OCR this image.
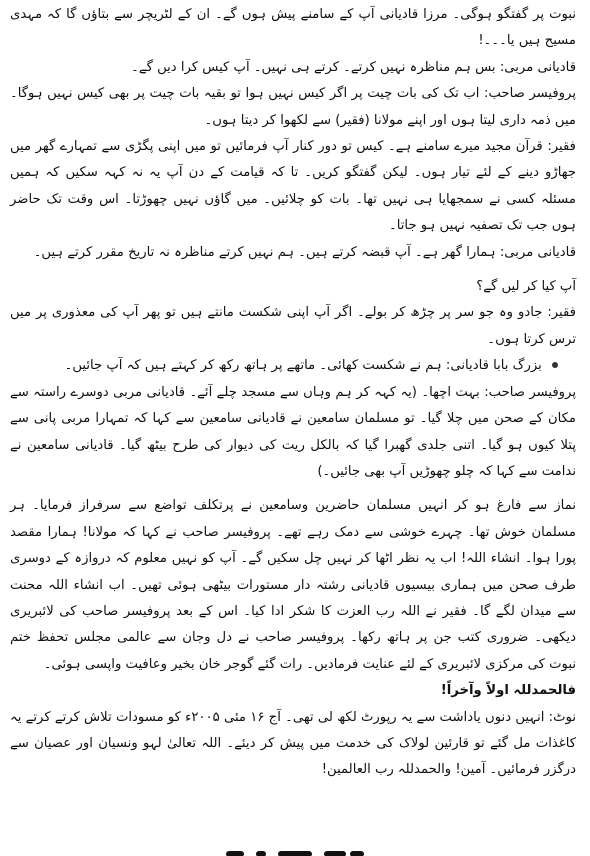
نبوت پر گفتگو ہوگی۔ مرزا قادیانی آپ کے سامنے پیش ہوں گے۔ ان کے لٹریچر سے بتاؤں گا کہ مہدی مسیح ہیں یا۔۔۔!

قادیانی مربی: بس ہم مناظرہ نہیں کرتے۔ کرتے ہی نہیں۔ آپ کیس کرا دیں گے۔

پروفیسر صاحب: اب تک کی بات چیت پر اگر کیس نہیں ہوا تو بقیہ بات چیت پر بھی کیس نہیں ہوگا۔ میں ذمہ داری لیتا ہوں اور اپنے مولانا (فقیر) سے لکھوا کر دیتا ہوں۔

فقیر: قرآن مجید میرے سامنے ہے۔ کیس تو دور کنار آپ فرمائیں تو میں اپنی پگڑی سے تمہارے گھر میں جھاڑو دینے کے لئے تیار ہوں۔ لیکن گفتگو کریں۔ تا کہ قیامت کے دن آپ یہ نہ کہہ سکیں کہ ہمیں مسئلہ کسی نے سمجھایا ہی نہیں تھا۔ بات کو چلائیں۔ میں گاؤں نہیں چھوڑتا۔ اس وقت تک حاضر ہوں جب تک تصفیہ نہیں ہو جاتا۔

قادیانی مربی: ہمارا گھر ہے۔ آپ قبضہ کرتے ہیں۔ ہم نہیں کرتے مناظرہ نہ تاریخ مقرر کرتے ہیں۔

آپ کیا کر لیں گے؟

فقیر: جادو وہ جو سر پر چڑھ کر بولے۔ اگر آپ اپنی شکست مانتے ہیں تو پھر آپ کی معذوری پر میں ترس کرتا ہوں۔

بزرگ بابا قادیانی: ہم نے شکست کھائی۔ ماتھے پر ہاتھ رکھ کر کہتے ہیں کہ آپ جائیں۔

پروفیسر صاحب: بہت اچھا۔ (یہ کہہ کر ہم وہاں سے مسجد چلے آئے۔ قادیانی مربی دوسرے راستہ سے مکان کے صحن میں چلا گیا۔ تو مسلمان سامعین نے قادیانی سامعین سے کہا کہ تمہارا مربی پانی سے پتلا کیوں ہو گیا۔ اتنی جلدی گھبرا گیا کہ بالکل ریت کی دیوار کی طرح بیٹھ گیا۔ قادیانی سامعین نے ندامت سے کہا کہ چلو چھوڑیں آپ بھی جائیں۔)

نماز سے فارغ ہو کر انہیں مسلمان حاضرین وسامعین نے پرتکلف تواضع سے سرفراز فرمایا۔ ہر مسلمان خوش تھا۔ چہرے خوشی سے دمک رہے تھے۔ پروفیسر صاحب نے کہا کہ مولانا! ہمارا مقصد پورا ہوا۔ انشاء اللہ! اب یہ نظر اٹھا کر نہیں چل سکیں گے۔ آپ کو نہیں معلوم کہ دروازہ کے دوسری طرف صحن میں ہماری بیسیوں قادیانی رشتہ دار مستورات بیٹھی ہوئی تھیں۔ اب انشاء اللہ محنت سے میدان لگے گا۔ فقیر نے اللہ رب العزت کا شکر ادا کیا۔ اس کے بعد پروفیسر صاحب کی لائبریری دیکھی۔ ضروری کتب جن پر ہاتھ رکھا۔ پروفیسر صاحب نے دل وجان سے عالمی مجلس تحفظ ختم نبوت کی مرکزی لائبریری کے لئے عنایت فرمادیں۔ رات گئے گوجر خان بخیر وعافیت واپسی ہوئی۔

فالحمدللہ اولاً وآخراً!

نوٹ: انہیں دنوں یاداشت سے یہ رپورٹ لکھ لی تھی۔ آج ۱۶ مئی ۲۰۰۵ء کو مسودات تلاش کرتے کرتے یہ کاغذات مل گئے تو قارئین لولاک کی خدمت میں پیش کر دیئے۔ اللہ تعالیٰ لہو ونسیان اور عصیان سے درگزر فرمائیں۔ آمین! والحمدللہ رب العالمین!
